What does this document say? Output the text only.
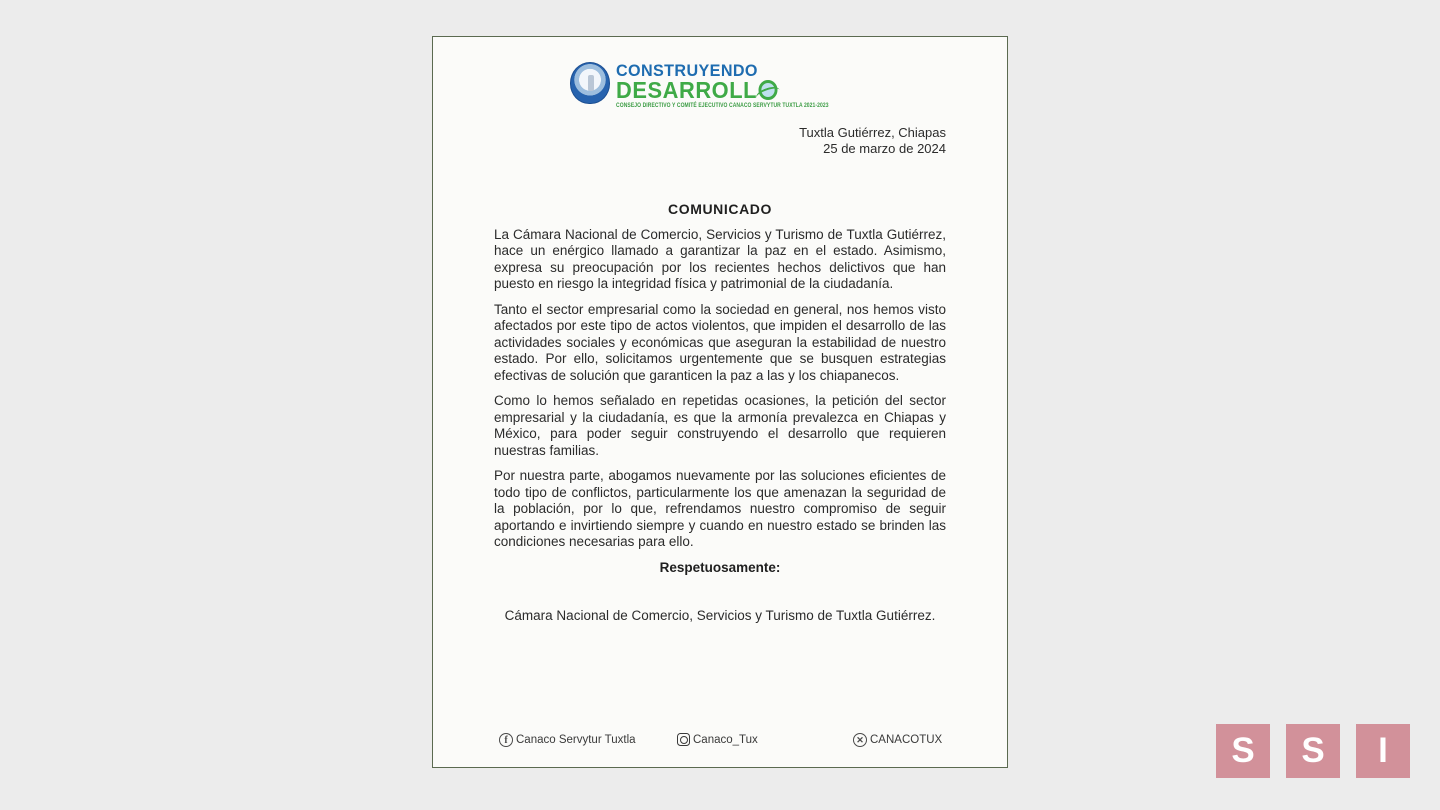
CONSTRUYENDO
DESARROLL
CONSEJO DIRECTIVO Y COMITÉ EJECUTIVO CANACO SERVYTUR TUXTLA 2021-2023
Tuxtla Gutiérrez, Chiapas
25 de marzo de 2024
COMUNICADO

La Cámara Nacional de Comercio, Servicios y Turismo de Tuxtla Gutiérrez, hace un enérgico llamado a garantizar la paz en el estado. Asimismo, expresa su preocupación por los recientes hechos delictivos que han puesto en riesgo la integridad física y patrimonial de la ciudadanía.

Tanto el sector empresarial como la sociedad en general, nos hemos visto afectados por este tipo de actos violentos, que impiden el desarrollo de las actividades sociales y económicas que aseguran la estabilidad de nuestro estado. Por ello, solicitamos urgentemente que se busquen estrategias efectivas de solución que garanticen la paz a las y los chiapanecos.

Como lo hemos señalado en repetidas ocasiones, la petición del sector empresarial y la ciudadanía, es que la armonía prevalezca en Chiapas y México, para poder seguir construyendo el desarrollo que requieren nuestras familias.

Por nuestra parte, abogamos nuevamente por las soluciones eficientes de todo tipo de conflictos, particularmente los que amenazan la seguridad de la población, por lo que, refrendamos nuestro compromiso de seguir aportando e invirtiendo siempre y cuando en nuestro estado se brinden las condiciones necesarias para ello.

Respetuosamente:
Cámara Nacional de Comercio, Servicios y Turismo de Tuxtla Gutiérrez.
f Canaco Servytur Tuxtla	Canaco_Tux	✕ CANACOTUX	S	S	I
